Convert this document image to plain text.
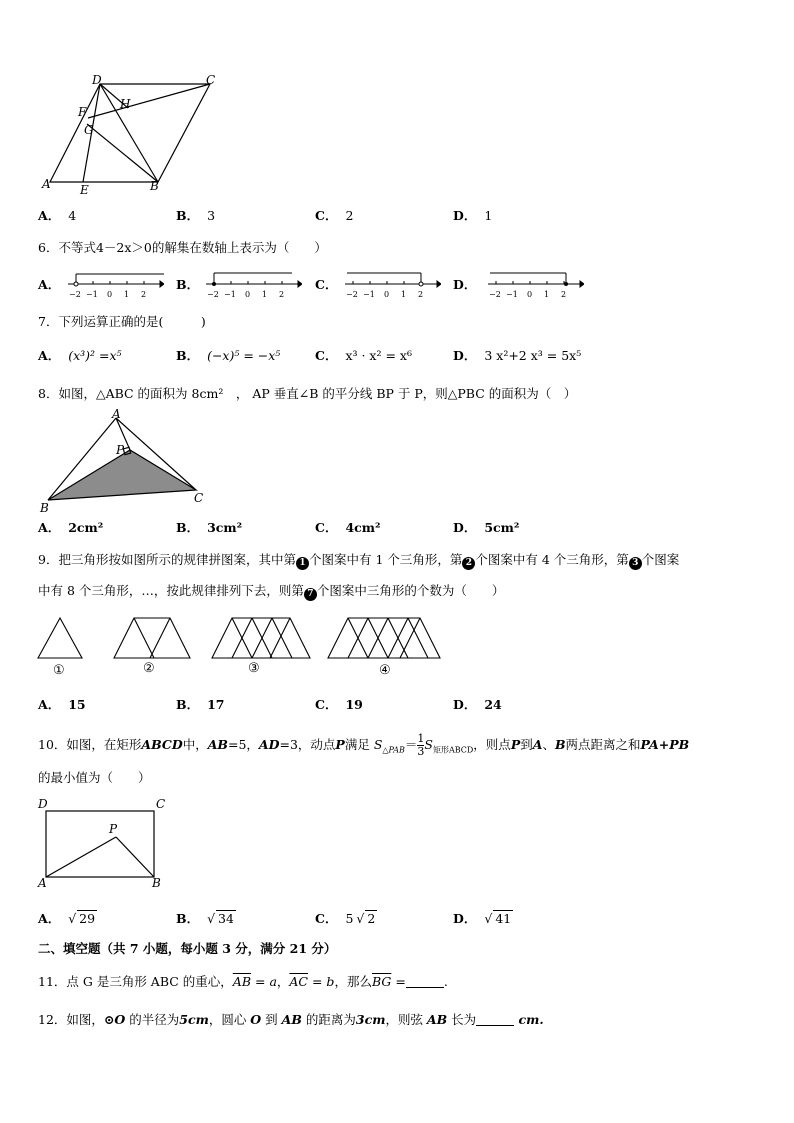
D	C
H
F
G
A E	B
A． 4	B． 3	C． 2	D． 1
6．不等式4－2x＞0的解集在数轴上表示为（　　）
A．	B．	C．	D．
−2 −1 0 1 2	−2 −1 0 1 2	−2 −1 0 1 2	−2 −1 0 1 2
7．下列运算正确的是(　　　)
A． (x³)² =x⁵	B． (−x)⁵ = −x⁵	C． x³ · x² = x⁶	D． 3 x²+2 x³ = 5x⁵
8．如图，△ABC 的面积为 8cm²　， AP 垂直∠B 的平分线 BP 于 P，则△PBC 的面积为（　）
A
P
B
C
A． 2cm²	B． 3cm²	C． 4cm²	D． 5cm²
9．把三角形按如图所示的规律拼图案，其中第 1 个图案中有 1 个三角形，第 2 个图案中有 4 个三角形，第 3 个图案
中有 8 个三角形，…，按此规律排列下去，则第 7 个图案中三角形的个数为（　　）
①	②	③	④
A． 15	B． 17	C． 19	D． 24
10．如图，在矩形ABCD中，AB=5，AD=3，动点P满足 $S_{\triangle PAB}= \frac{1}{3} S_{矩形ABCD}$，则点P到A、B两点距离之和PA+PB
的最小值为（　　）
D	C
P
A	B
A． √ 29	B． √ 34	C． 5 √ 2	D． √ 41
二、填空题（共 7 小题，每小题 3 分，满分 21 分）
11．点 G 是三角形 ABC 的重心，$\overline{AB} = a$，$\overline{AC} = b$，那么$\overline{BG}$ =	.
12．如图，⊙O 的半径为5cm，圆心 O 到 AB 的距离为3cm，则弦 AB 长为	cm.
